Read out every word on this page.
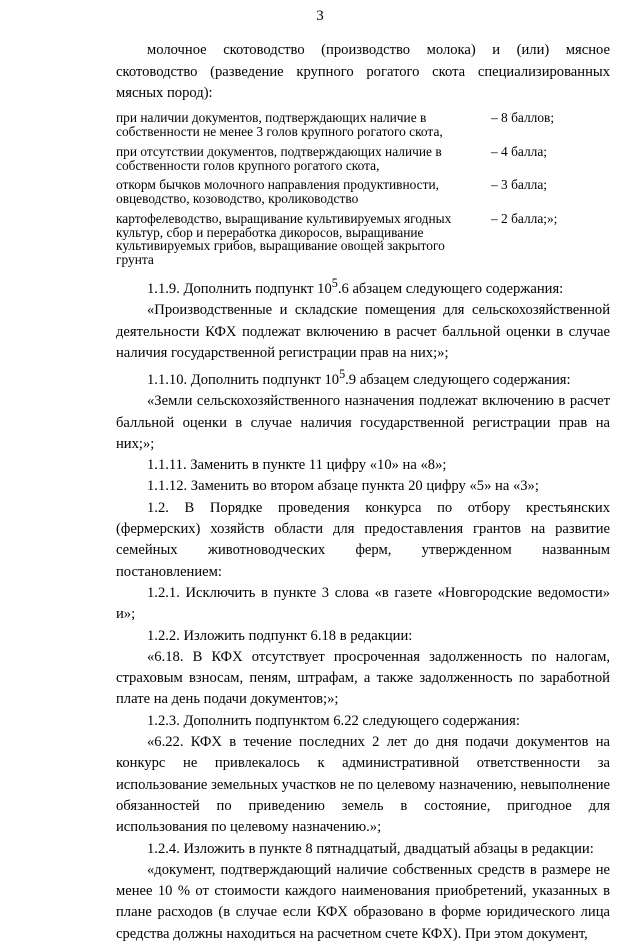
3

молочное скотоводство (производство молока) и (или) мясное скотоводство (разведение крупного рогатого скота специализированных мясных пород):

при наличии документов, подтверждающих наличие в собственности не менее 3 голов крупного рогатого скота,
– 8 баллов;
при отсутствии документов, подтверждающих наличие в собственности голов крупного рогатого скота,
– 4 балла;
откорм бычков молочного направления продуктивности, овцеводство, козоводство, кролиководство
– 3 балла;
картофелеводство, выращивание культивируемых ягодных культур, сбор и переработка дикоросов, выращивание культивируемых грибов, выращивание овощей закрытого грунта
– 2 балла;»;

1.1.9. Дополнить подпункт $10^5.6$ абзацем следующего содержания:

«Производственные и складские помещения для сельскохозяйственной деятельности КФХ подлежат включению в расчет балльной оценки в случае наличия государственной регистрации прав на них;»;

1.1.10. Дополнить подпункт $10^5.9$ абзацем следующего содержания:

«Земли сельскохозяйственного назначения подлежат включению в расчет балльной оценки в случае наличия государственной регистрации прав на них;»;

1.1.11. Заменить в пункте 11 цифру «10» на «8»;

1.1.12. Заменить во втором абзаце пункта 20 цифру «5» на «3»;

1.2. В Порядке проведения конкурса по отбору крестьянских (фермерских) хозяйств области для предоставления грантов на развитие семейных животноводческих ферм, утвержденном названным постановлением:

1.2.1. Исключить в пункте 3 слова «в газете «Новгородские ведомости» и»;

1.2.2. Изложить подпункт 6.18 в редакции:

«6.18. В КФХ отсутствует просроченная задолженность по налогам, страховым взносам, пеням, штрафам, а также задолженность по заработной плате на день подачи документов;»;

1.2.3. Дополнить подпунктом 6.22 следующего содержания:

«6.22. КФХ в течение последних 2 лет до дня подачи документов на конкурс не привлекалось к административной ответственности за использование земельных участков не по целевому назначению, невыполнение обязанностей по приведению земель в состояние, пригодное для использования по целевому назначению.»;

1.2.4. Изложить в пункте 8 пятнадцатый, двадцатый абзацы в редакции:

«документ, подтверждающий наличие собственных средств в размере не менее 10 % от стоимости каждого наименования приобретений, указанных в плане расходов (в случае если КФХ образовано в форме юридического лица средства должны находиться на расчетном счете КФХ). При этом документ,
